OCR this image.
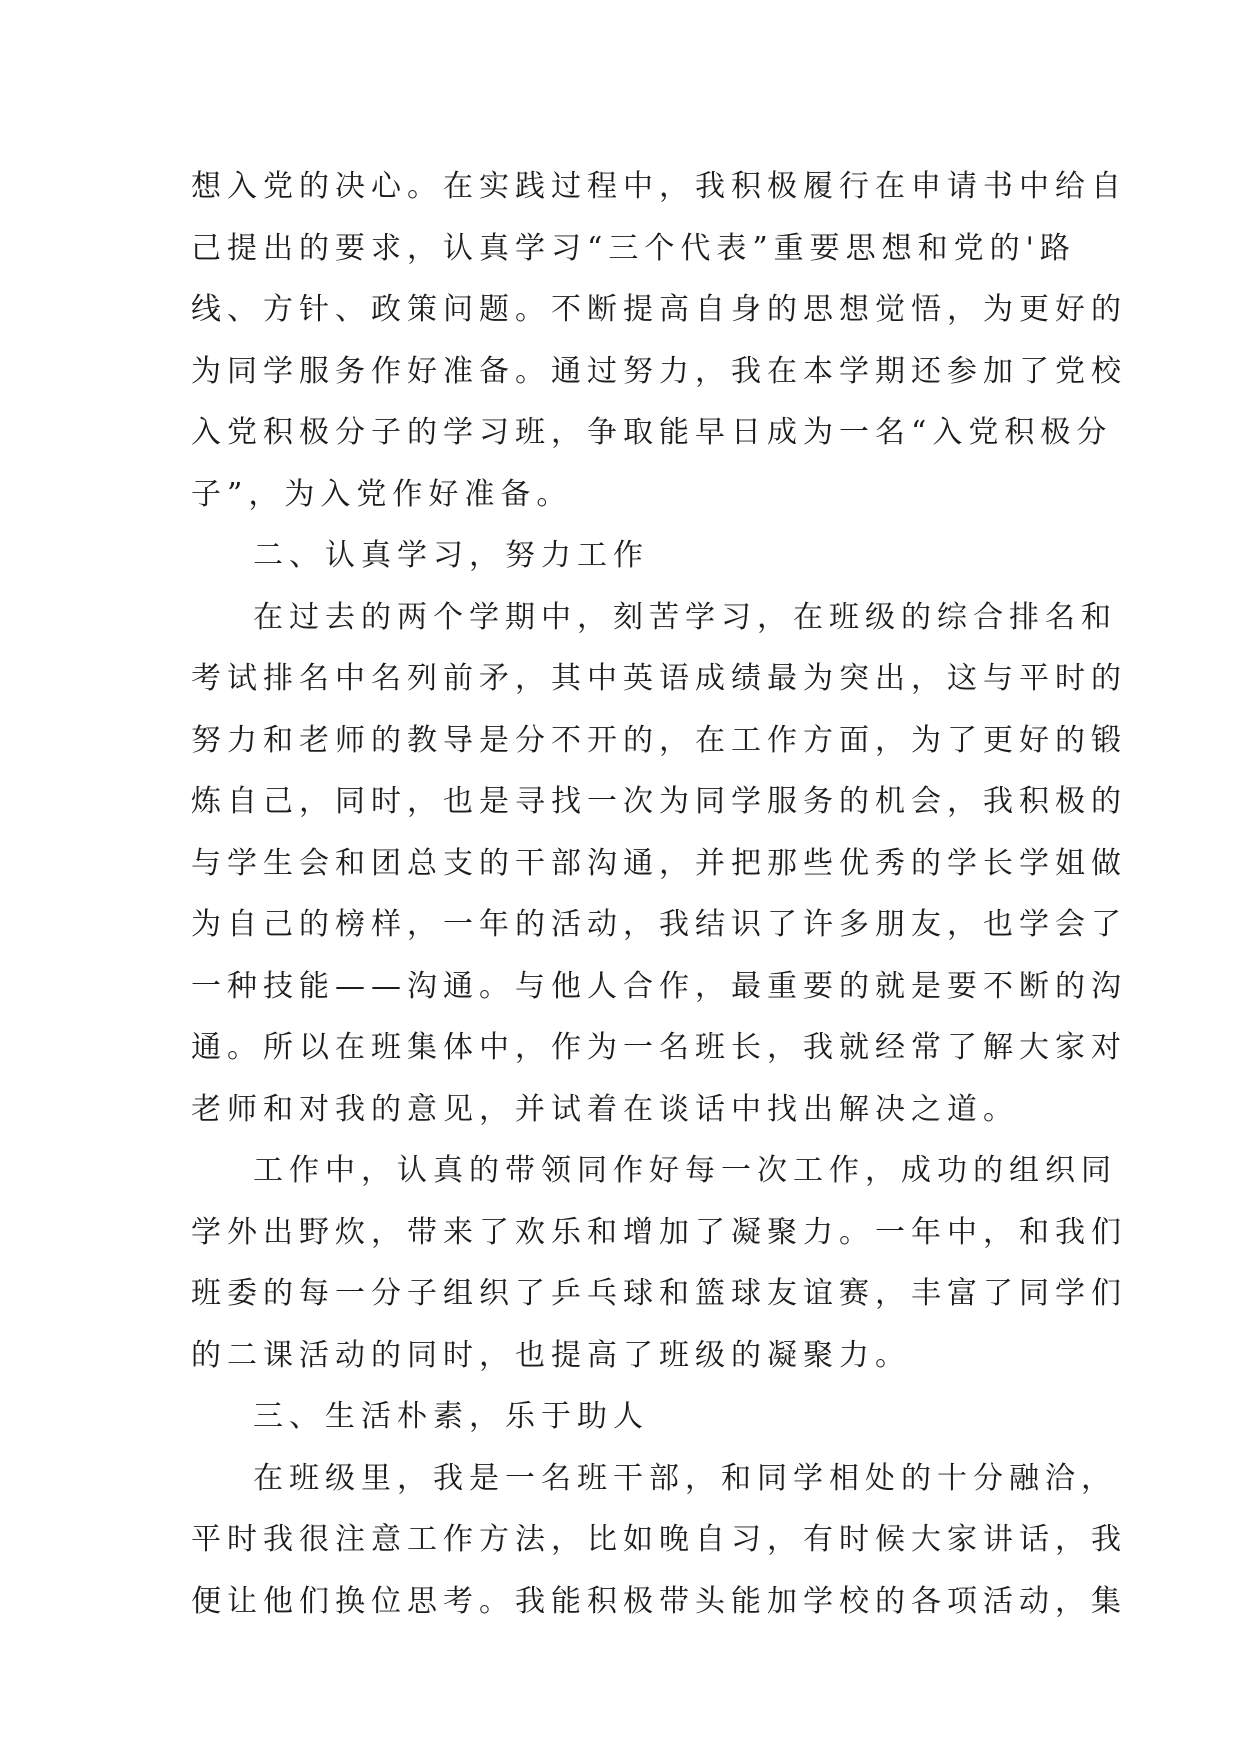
想入党的决心。在实践过程中，我积极履行在申请书中给自
己提出的要求，认真学习“三个代表”重要思想和党的'路
线、方针、政策问题。不断提高自身的思想觉悟，为更好的
为同学服务作好准备。通过努力，我在本学期还参加了党校
入党积极分子的学习班，争取能早日成为一名“入党积极分
子”，为入党作好准备。
二、认真学习，努力工作
在过去的两个学期中，刻苦学习，在班级的综合排名和
考试排名中名列前矛，其中英语成绩最为突出，这与平时的
努力和老师的教导是分不开的，在工作方面，为了更好的锻
炼自己，同时，也是寻找一次为同学服务的机会，我积极的
与学生会和团总支的干部沟通，并把那些优秀的学长学姐做
为自己的榜样，一年的活动，我结识了许多朋友，也学会了
一种技能——沟通。与他人合作，最重要的就是要不断的沟
通。所以在班集体中，作为一名班长，我就经常了解大家对
老师和对我的意见，并试着在谈话中找出解决之道。
工作中，认真的带领同作好每一次工作，成功的组织同
学外出野炊，带来了欢乐和增加了凝聚力。一年中，和我们
班委的每一分子组织了乒乓球和篮球友谊赛，丰富了同学们
的二课活动的同时，也提高了班级的凝聚力。
三、生活朴素，乐于助人
在班级里，我是一名班干部，和同学相处的十分融洽，
平时我很注意工作方法，比如晚自习，有时候大家讲话，我
便让他们换位思考。我能积极带头能加学校的各项活动，集
